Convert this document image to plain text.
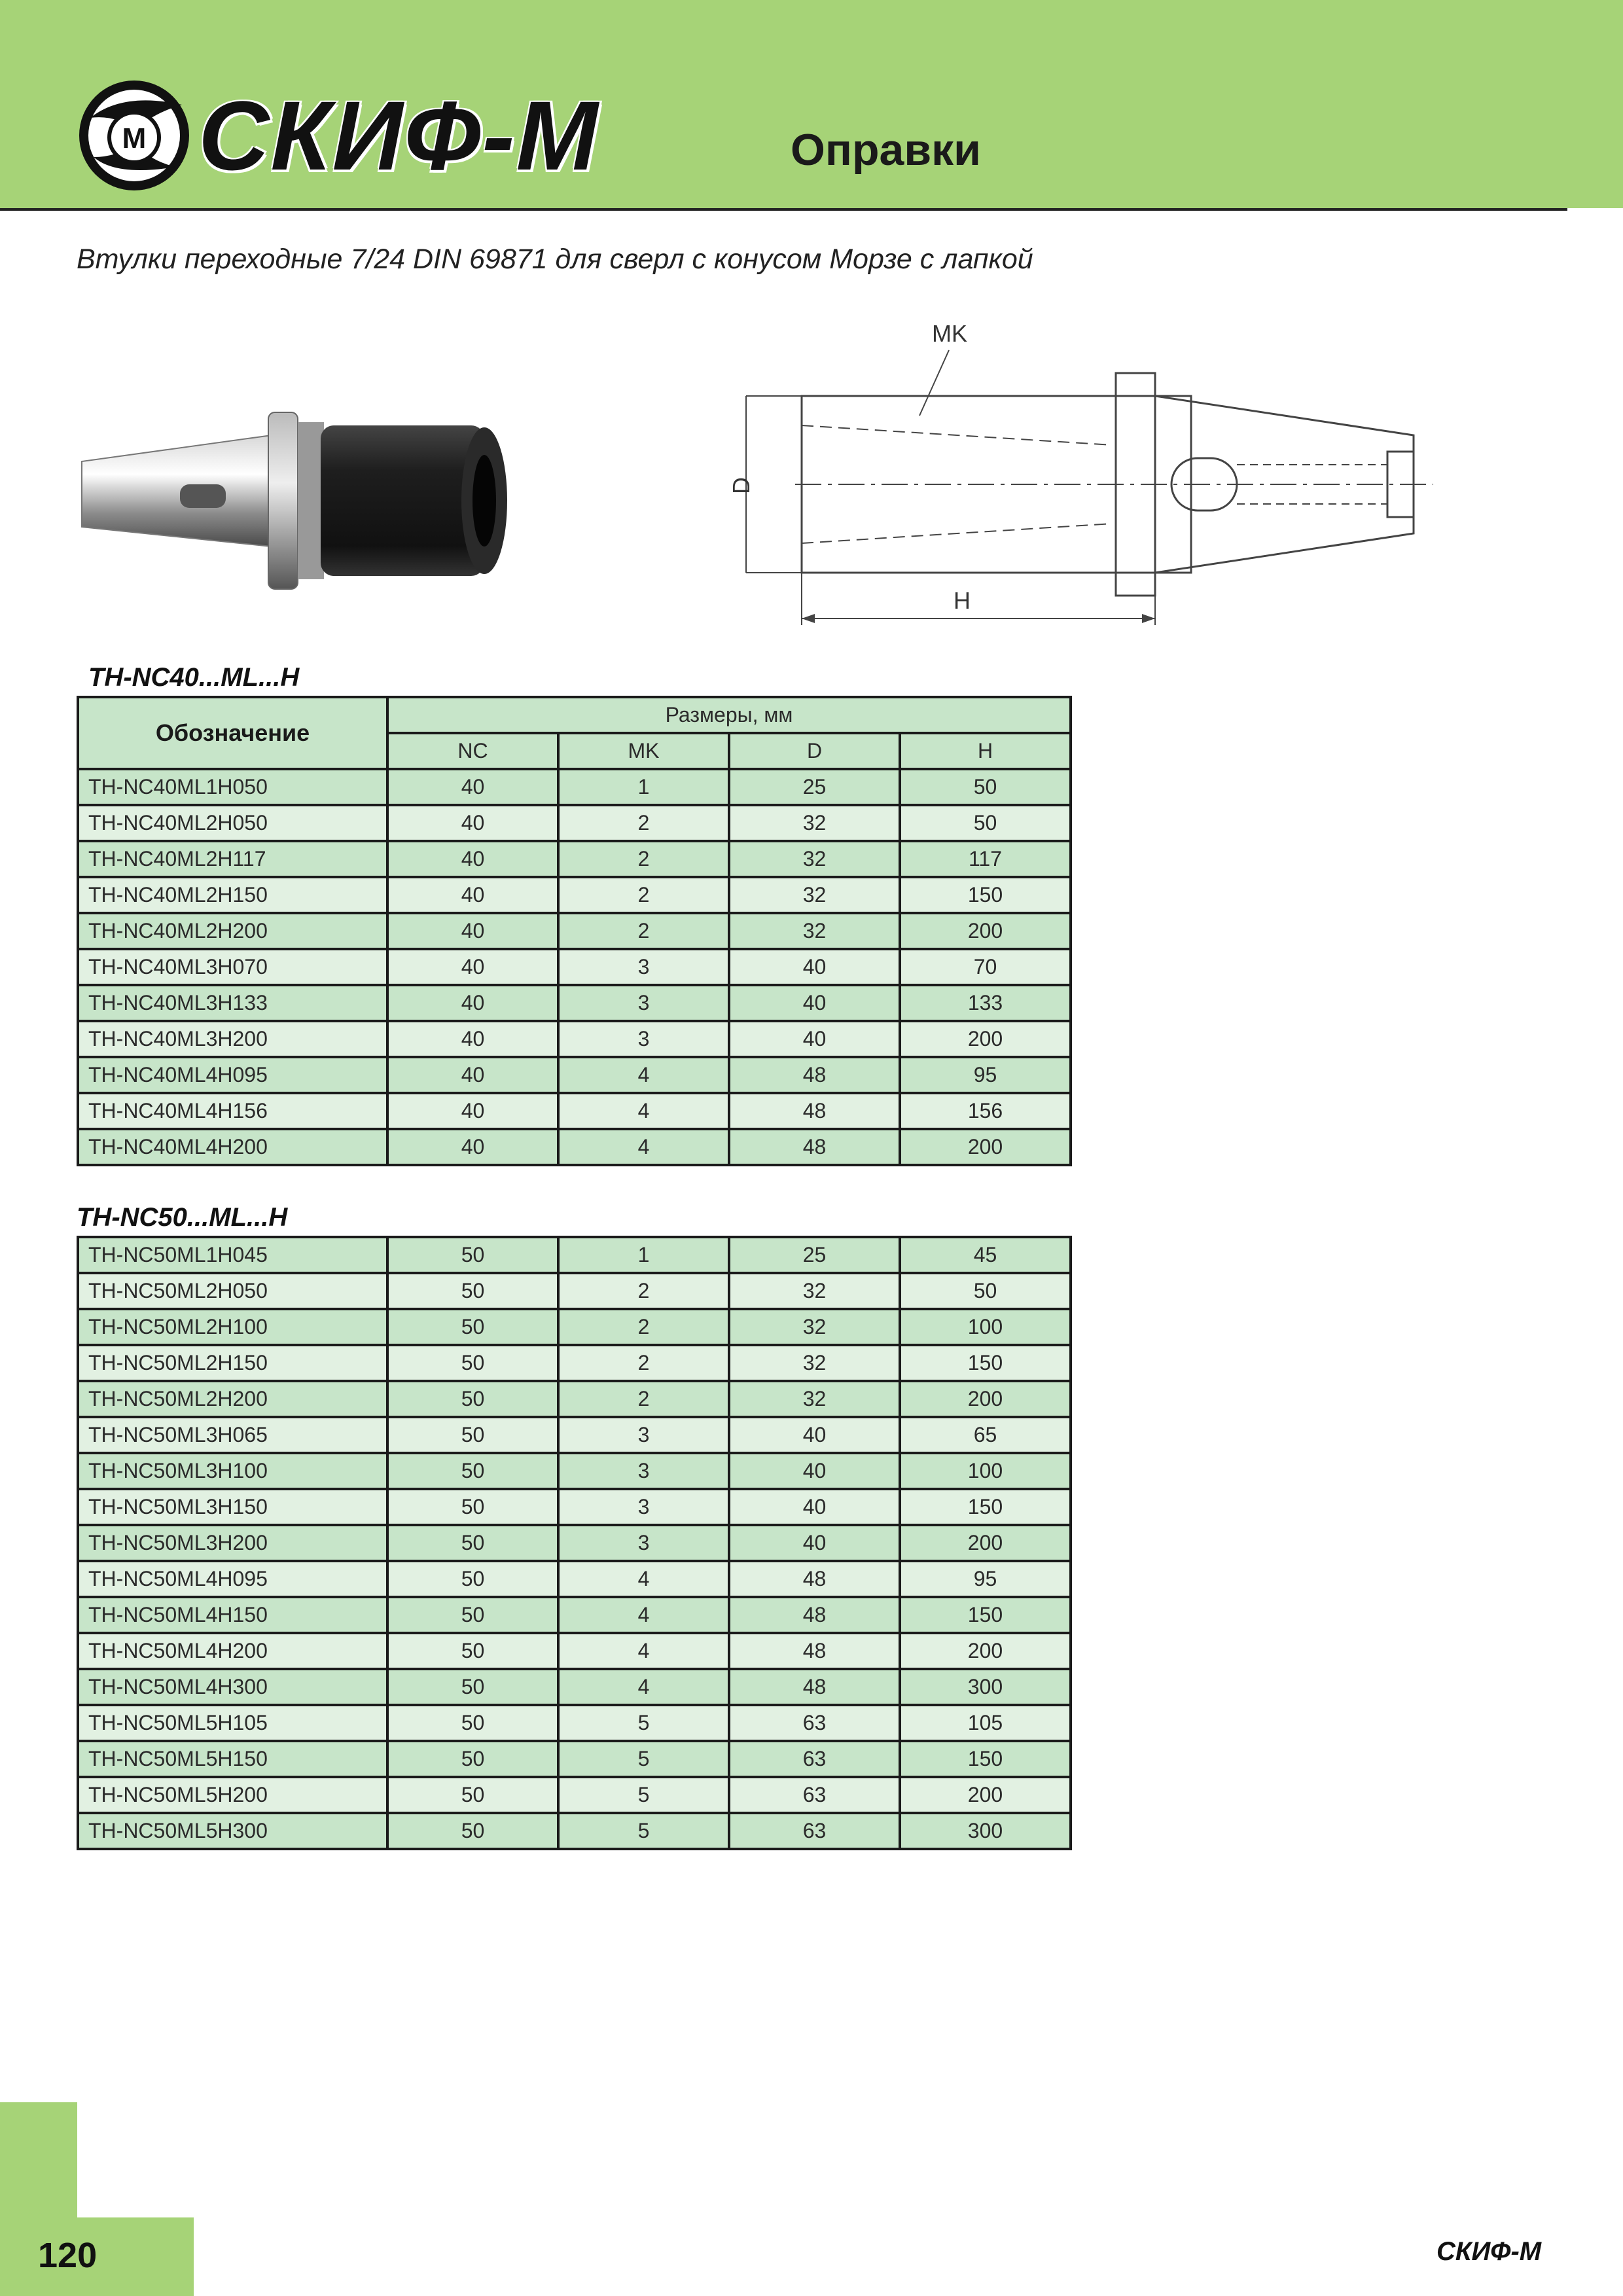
М СКИФ-М	Оправки
Втулки переходные 7/24 DIN 69871 для сверл с конусом Морзе с лапкой
MK
D
H
TH-NC40...ML...H
Обозначение	Размеры, мм			
	NC	MK	D	H
TH-NC40ML1H050	40	1	25	50
TH-NC40ML2H050	40	2	32	50
TH-NC40ML2H117	40	2	32	117
TH-NC40ML2H150	40	2	32	150
TH-NC40ML2H200	40	2	32	200
TH-NC40ML3H070	40	3	40	70
TH-NC40ML3H133	40	3	40	133
TH-NC40ML3H200	40	3	40	200
TH-NC40ML4H095	40	4	48	95
TH-NC40ML4H156	40	4	48	156
TH-NC40ML4H200	40	4	48	200
TH-NC50...ML...H
TH-NC50ML1H045	50	1	25	45
TH-NC50ML2H050	50	2	32	50
TH-NC50ML2H100	50	2	32	100
TH-NC50ML2H150	50	2	32	150
TH-NC50ML2H200	50	2	32	200
TH-NC50ML3H065	50	3	40	65
TH-NC50ML3H100	50	3	40	100
TH-NC50ML3H150	50	3	40	150
TH-NC50ML3H200	50	3	40	200
TH-NC50ML4H095	50	4	48	95
TH-NC50ML4H150	50	4	48	150
TH-NC50ML4H200	50	4	48	200
TH-NC50ML4H300	50	4	48	300
TH-NC50ML5H105	50	5	63	105
TH-NC50ML5H150	50	5	63	150
TH-NC50ML5H200	50	5	63	200
TH-NC50ML5H300	50	5	63	300
120	СКИФ-М
